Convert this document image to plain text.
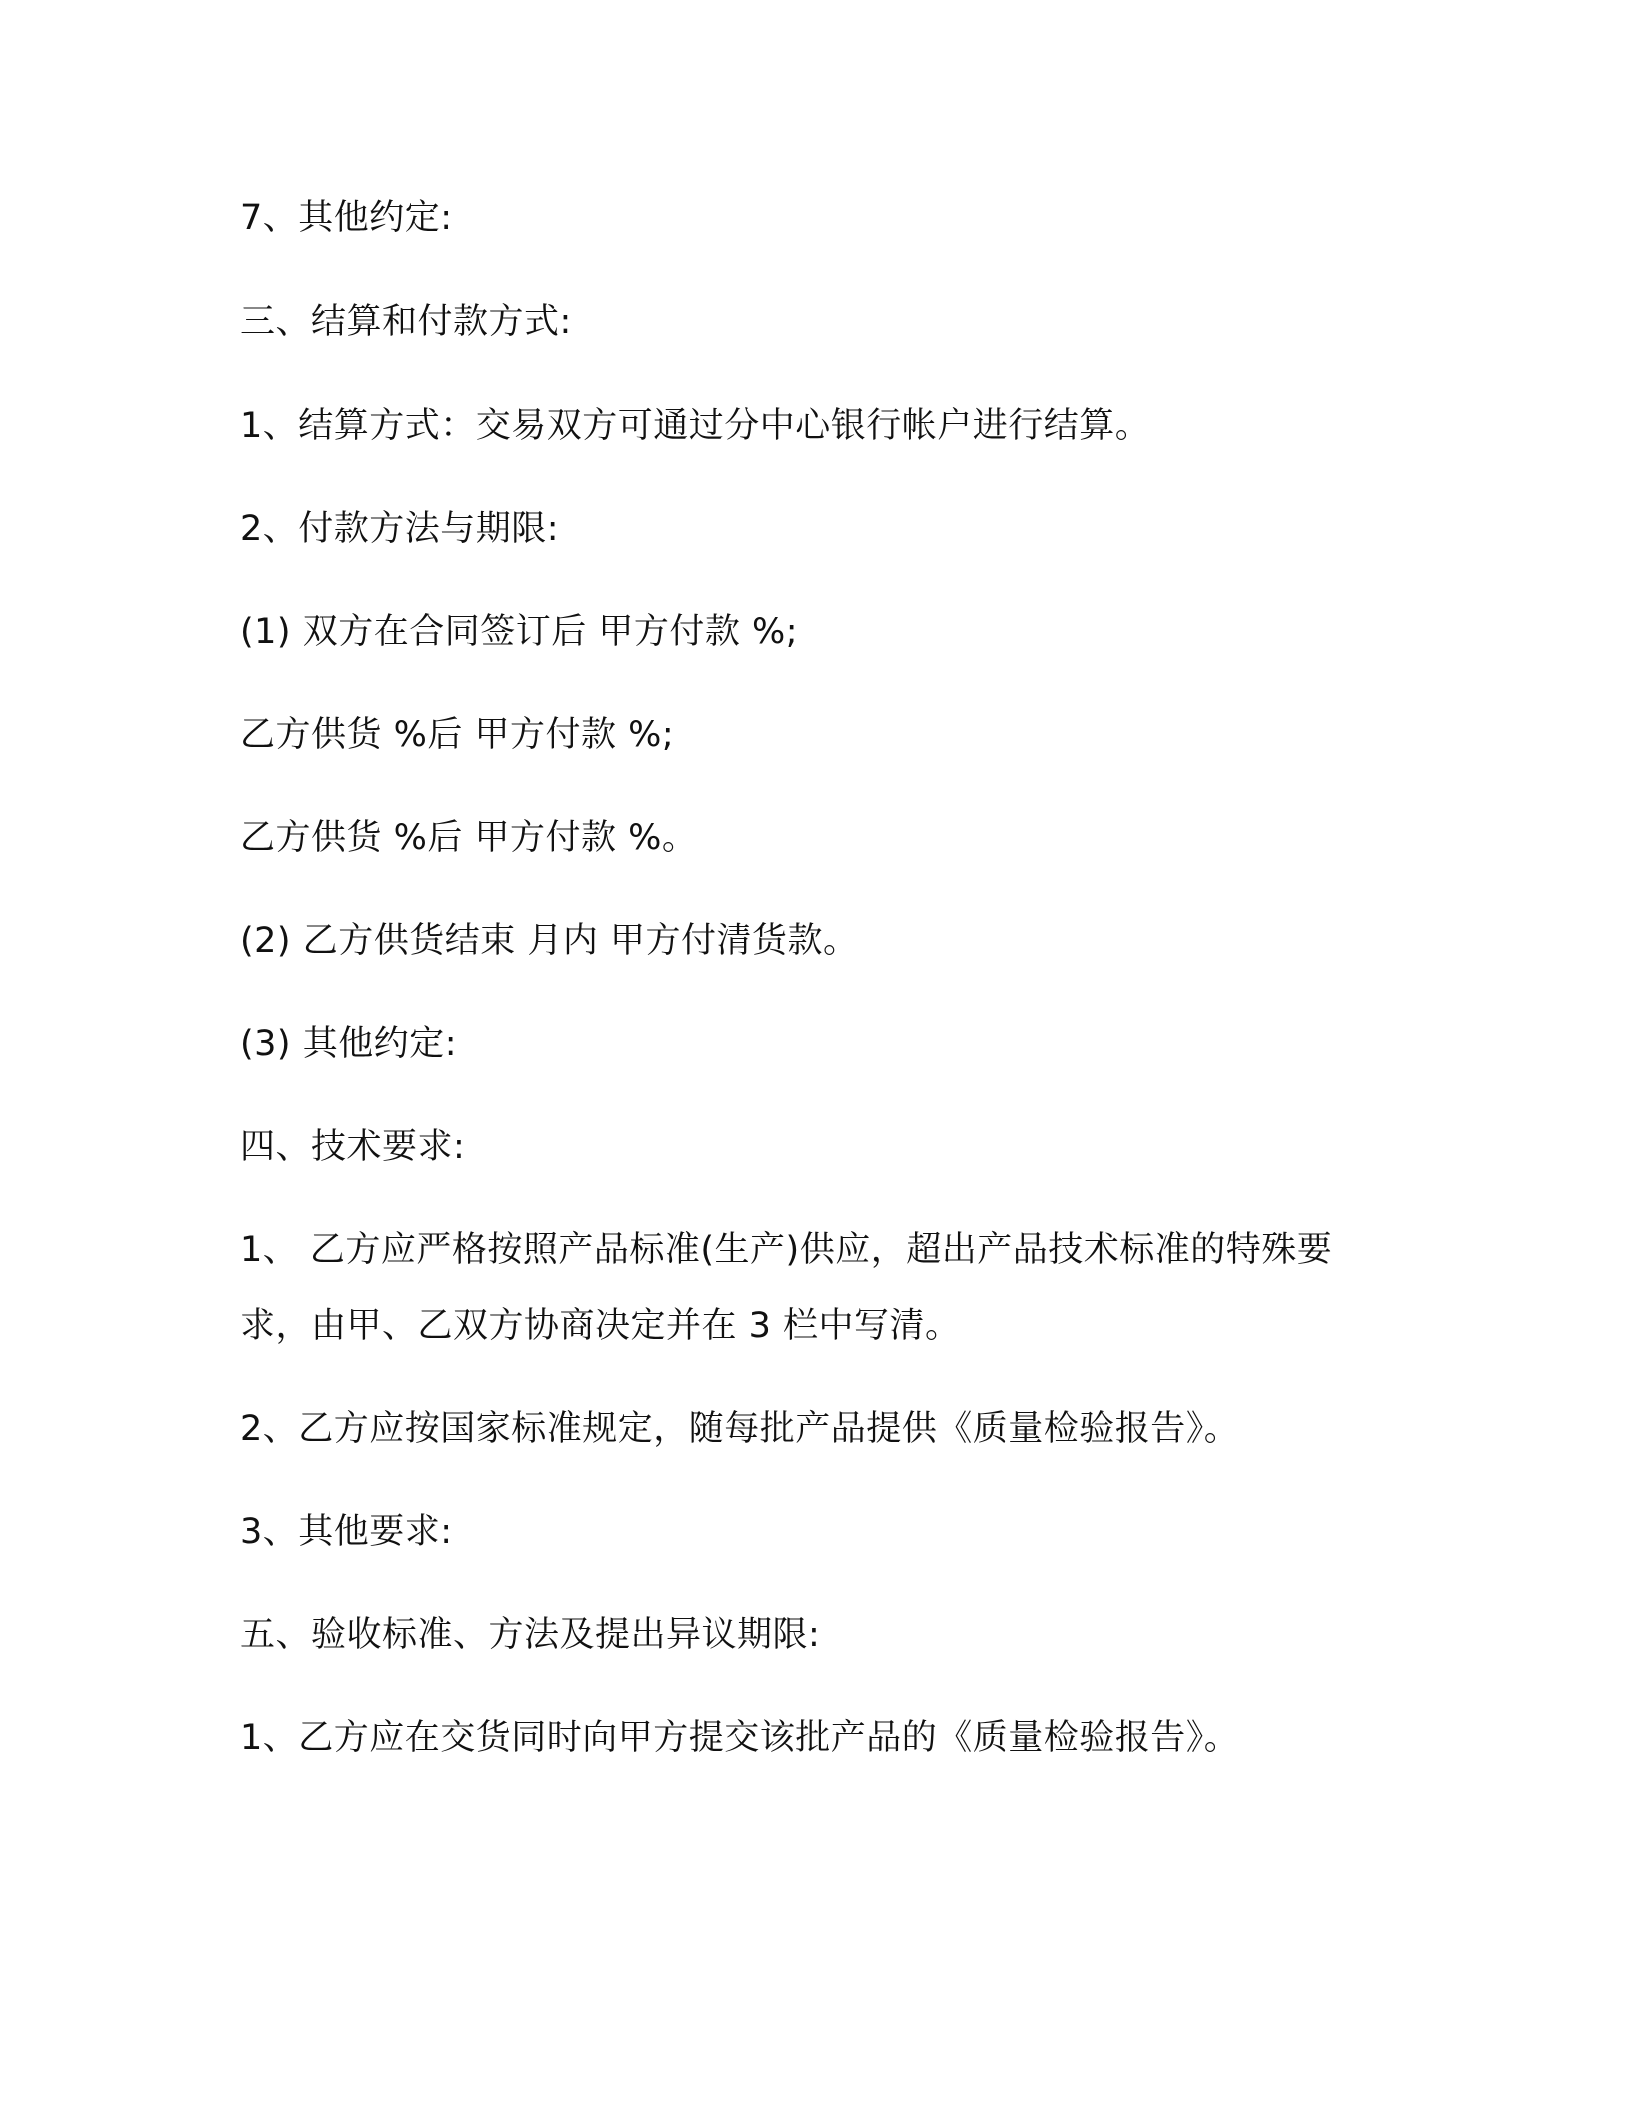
7、其他约定:
三、结算和付款方式:
1、结算方式：交易双方可通过分中心银行帐户进行结算。
2、付款方法与期限:
(1) 双方在合同签订后 甲方付款 %;
乙方供货 %后 甲方付款 %;
乙方供货 %后 甲方付款 %。
(2) 乙方供货结束 月内 甲方付清货款。
(3) 其他约定:
四、技术要求:
1、 乙方应严格按照产品标准(生产)供应，超出产品技术标准的特殊要
求，由甲、乙双方协商决定并在 3 栏中写清。
2、乙方应按国家标准规定，随每批产品提供《质量检验报告》。
3、其他要求:
五、验收标准、方法及提出异议期限:
1、乙方应在交货同时向甲方提交该批产品的《质量检验报告》。
